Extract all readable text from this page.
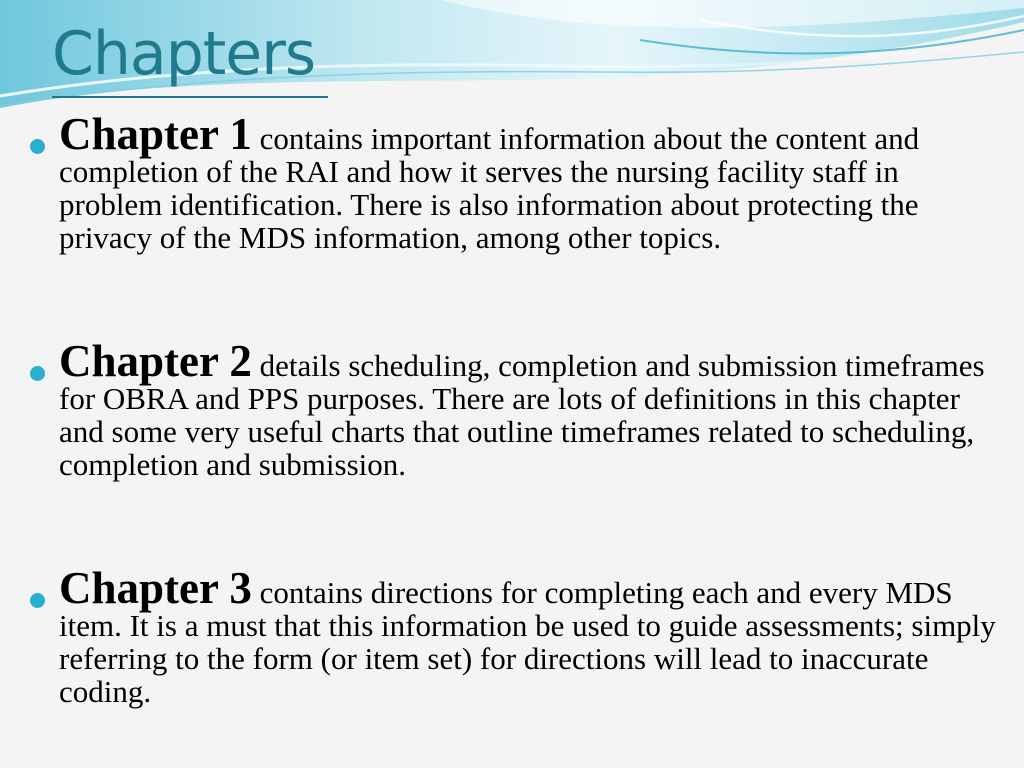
Chapters
Chapter 1 contains important information about the content and completion of the RAI and how it serves the nursing facility staff in problem identification. There is also information about protecting the privacy of the MDS information, among other topics.
Chapter 2 details scheduling, completion and submission timeframes for OBRA and PPS purposes. There are lots of definitions in this chapter and some very useful charts that outline timeframes related to scheduling, completion and submission.
Chapter 3 contains directions for completing each and every MDS item. It is a must that this information be used to guide assessments; simply referring to the form (or item set) for directions will lead to inaccurate coding.
